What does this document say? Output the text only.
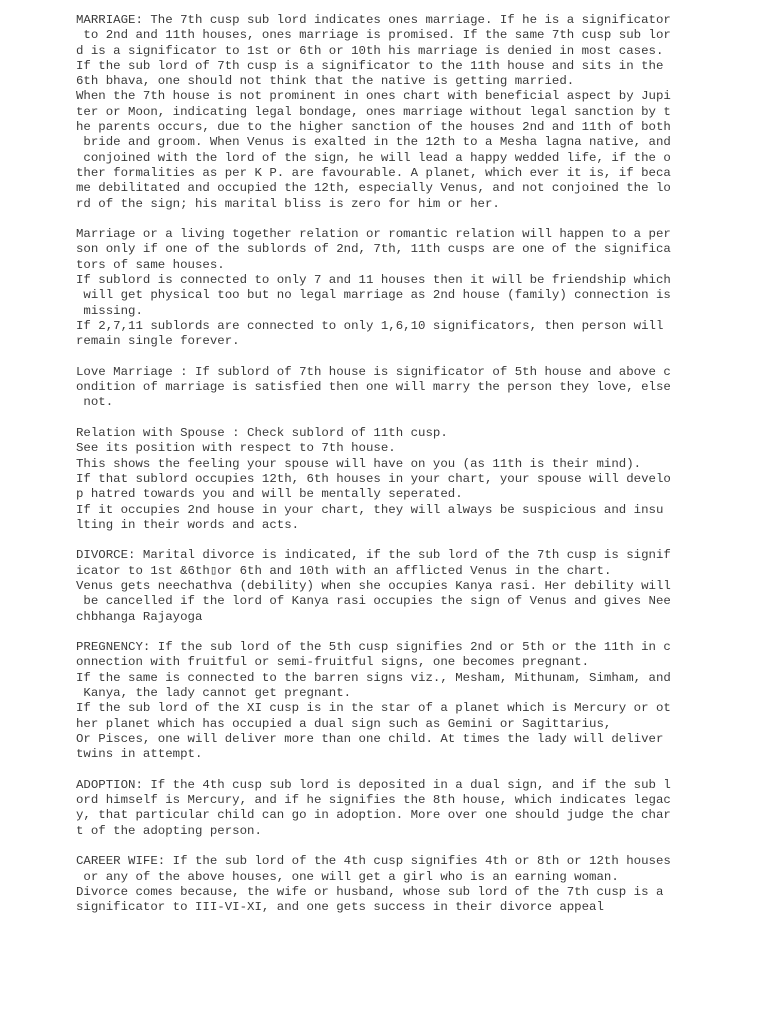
MARRIAGE: The 7th cusp sub lord indicates ones marriage. If he is a significator
to 2nd and 11th houses, ones marriage is promised. If the same 7th cusp sub lor
d is a significator to 1st or 6th or 10th his marriage is denied in most cases.
If the sub lord of 7th cusp is a significator to the 11th house and sits in the
6th bhava, one should not think that the native is getting married.
When the 7th house is not prominent in ones chart with beneficial aspect by Jupi
ter or Moon, indicating legal bondage, ones marriage without legal sanction by t
he parents occurs, due to the higher sanction of the houses 2nd and 11th of both
bride and groom. When Venus is exalted in the 12th to a Mesha lagna native, and
conjoined with the lord of the sign, he will lead a happy wedded life, if the o
ther formalities as per K P. are favourable. A planet, which ever it is, if beca
me debilitated and occupied the 12th, especially Venus, and not conjoined the lo
rd of the sign; his marital bliss is zero for him or her.
Marriage or a living together relation or romantic relation will happen to a per
son only if one of the sublords of 2nd, 7th, 11th cusps are one of the significa
tors of same houses.
If sublord is connected to only 7 and 11 houses then it will be friendship which
will get physical too but no legal marriage as 2nd house (family) connection is
missing.
If 2,7,11 sublords are connected to only 1,6,10 significators, then person will
remain single forever.
Love Marriage : If sublord of 7th house is significator of 5th house and above c
ondition of marriage is satisfied then one will marry the person they love, else
not.
Relation with Spouse : Check sublord of 11th cusp.
See its position with respect to 7th house.
This shows the feeling your spouse will have on you (as 11th is their mind).
If that sublord occupies 12th, 6th houses in your chart, your spouse will develo
p hatred towards you and will be mentally seperated.
If it occupies 2nd house in your chart, they will always be suspicious and insu
lting in their words and acts.
DIVORCE: Marital divorce is indicated, if the sub lord of the 7th cusp is signif
icator to 1st &6th▯or 6th and 10th with an afflicted Venus in the chart.
Venus gets neechathva (debility) when she occupies Kanya rasi. Her debility will
be cancelled if the lord of Kanya rasi occupies the sign of Venus and gives Nee
chbhanga Rajayoga
PREGNENCY: If the sub lord of the 5th cusp signifies 2nd or 5th or the 11th in c
onnection with fruitful or semi-fruitful signs, one becomes pregnant.
If the same is connected to the barren signs viz., Mesham, Mithunam, Simham, and
Kanya, the lady cannot get pregnant.
If the sub lord of the XI cusp is in the star of a planet which is Mercury or ot
her planet which has occupied a dual sign such as Gemini or Sagittarius,
Or Pisces, one will deliver more than one child. At times the lady will deliver
twins in attempt.
ADOPTION: If the 4th cusp sub lord is deposited in a dual sign, and if the sub l
ord himself is Mercury, and if he signifies the 8th house, which indicates legac
y, that particular child can go in adoption. More over one should judge the char
t of the adopting person.
CAREER WIFE: If the sub lord of the 4th cusp signifies 4th or 8th or 12th houses
or any of the above houses, one will get a girl who is an earning woman.
Divorce comes because, the wife or husband, whose sub lord of the 7th cusp is a
significator to III-VI-XI, and one gets success in their divorce appeal
